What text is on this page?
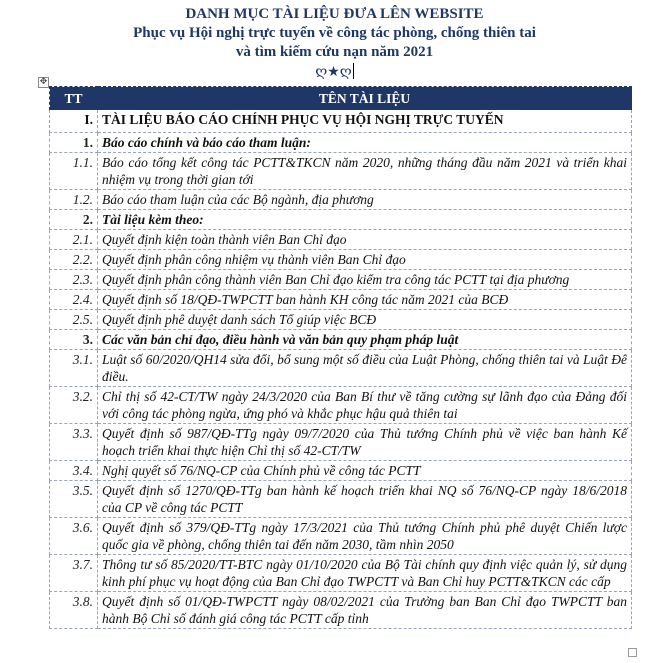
DANH MỤC TÀI LIỆU ĐƯA LÊN WEBSITE
Phục vụ Hội nghị trực tuyến về công tác phòng, chống thiên tai
và tìm kiếm cứu nạn năm 2021
ღ★ღ
✥
TT	TÊN TÀI LIỆU
I.	TÀI LIỆU BÁO CÁO CHÍNH PHỤC VỤ HỘI NGHỊ TRỰC TUYẾN
1.	Báo cáo chính và báo cáo tham luận:
1.1.	Báo cáo tổng kết công tác PCTT&TKCN năm 2020, những tháng đầu năm 2021 và triển khai nhiệm vụ trong thời gian tới
1.2.	Báo cáo tham luận của các Bộ ngành, địa phương
2.	Tài liệu kèm theo:
2.1.	Quyết định kiện toàn thành viên Ban Chỉ đạo
2.2.	Quyết định phân công nhiệm vụ thành viên Ban Chỉ đạo
2.3.	Quyết định phân công thành viên Ban Chỉ đạo kiểm tra công tác PCTT tại địa phương
2.4.	Quyết định số 18/QĐ-TWPCTT ban hành KH công tác năm 2021 của BCĐ
2.5.	Quyết định phê duyệt danh sách Tổ giúp việc BCĐ
3.	Các văn bản chỉ đạo, điều hành và văn bản quy phạm pháp luật
3.1.	Luật số 60/2020/QH14 sửa đổi, bổ sung một số điều của Luật Phòng, chống thiên tai và Luật Đê điều.
3.2.	Chỉ thị số 42-CT/TW ngày 24/3/2020 của Ban Bí thư về tăng cường sự lãnh đạo của Đảng đối với công tác phòng ngừa, ứng phó và khắc phục hậu quả thiên tai
3.3.	Quyết định số 987/QĐ-TTg ngày 09/7/2020 của Thủ tướng Chính phủ về việc ban hành Kế hoạch triển khai thực hiện Chỉ thị số 42-CT/TW
3.4.	Nghị quyết số 76/NQ-CP của Chính phủ về công tác PCTT
3.5.	Quyết định số 1270/QĐ-TTg ban hành kế hoạch triển khai NQ số 76/NQ-CP ngày 18/6/2018 của CP về công tác PCTT
3.6.	Quyết định số 379/QĐ-TTg ngày 17/3/2021 của Thủ tướng Chính phủ phê duyệt Chiến lược quốc gia về phòng, chống thiên tai đến năm 2030, tầm nhìn 2050
3.7.	Thông tư số 85/2020/TT-BTC ngày 01/10/2020 của Bộ Tài chính quy định việc quản lý, sử dụng kinh phí phục vụ hoạt động của Ban Chỉ đạo TWPCTT và Ban Chỉ huy PCTT&TKCN các cấp
3.8.	Quyết định số 01/QĐ-TWPCTT ngày 08/02/2021 của Trưởng ban Ban Chỉ đạo TWPCTT ban hành Bộ Chỉ số đánh giá công tác PCTT cấp tỉnh
